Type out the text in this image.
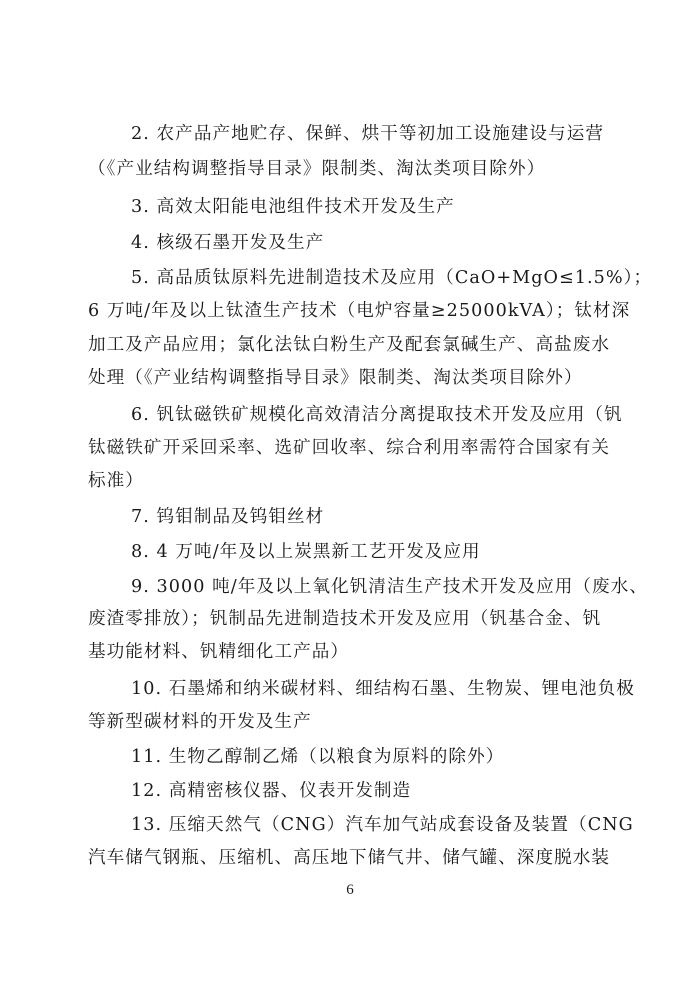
2. 农产品产地贮存、保鲜、烘干等初加工设施建设与运营
（《产业结构调整指导目录》限制类、淘汰类项目除外）
3. 高效太阳能电池组件技术开发及生产
4. 核级石墨开发及生产
5. 高品质钛原料先进制造技术及应用（CaO+MgO≤1.5%）；
6 万吨/年及以上钛渣生产技术（电炉容量≥25000kVA）；钛材深
加工及产品应用；氯化法钛白粉生产及配套氯碱生产、高盐废水
处理（《产业结构调整指导目录》限制类、淘汰类项目除外）
6. 钒钛磁铁矿规模化高效清洁分离提取技术开发及应用（钒
钛磁铁矿开采回采率、选矿回收率、综合利用率需符合国家有关
标准）
7. 钨钼制品及钨钼丝材
8. 4 万吨/年及以上炭黑新工艺开发及应用
9. 3000 吨/年及以上氧化钒清洁生产技术开发及应用（废水、
废渣零排放）；钒制品先进制造技术开发及应用（钒基合金、钒
基功能材料、钒精细化工产品）
10. 石墨烯和纳米碳材料、细结构石墨、生物炭、锂电池负极
等新型碳材料的开发及生产
11. 生物乙醇制乙烯（以粮食为原料的除外）
12. 高精密核仪器、仪表开发制造
13. 压缩天然气（CNG）汽车加气站成套设备及装置（CNG
汽车储气钢瓶、压缩机、高压地下储气井、储气罐、深度脱水装
6
